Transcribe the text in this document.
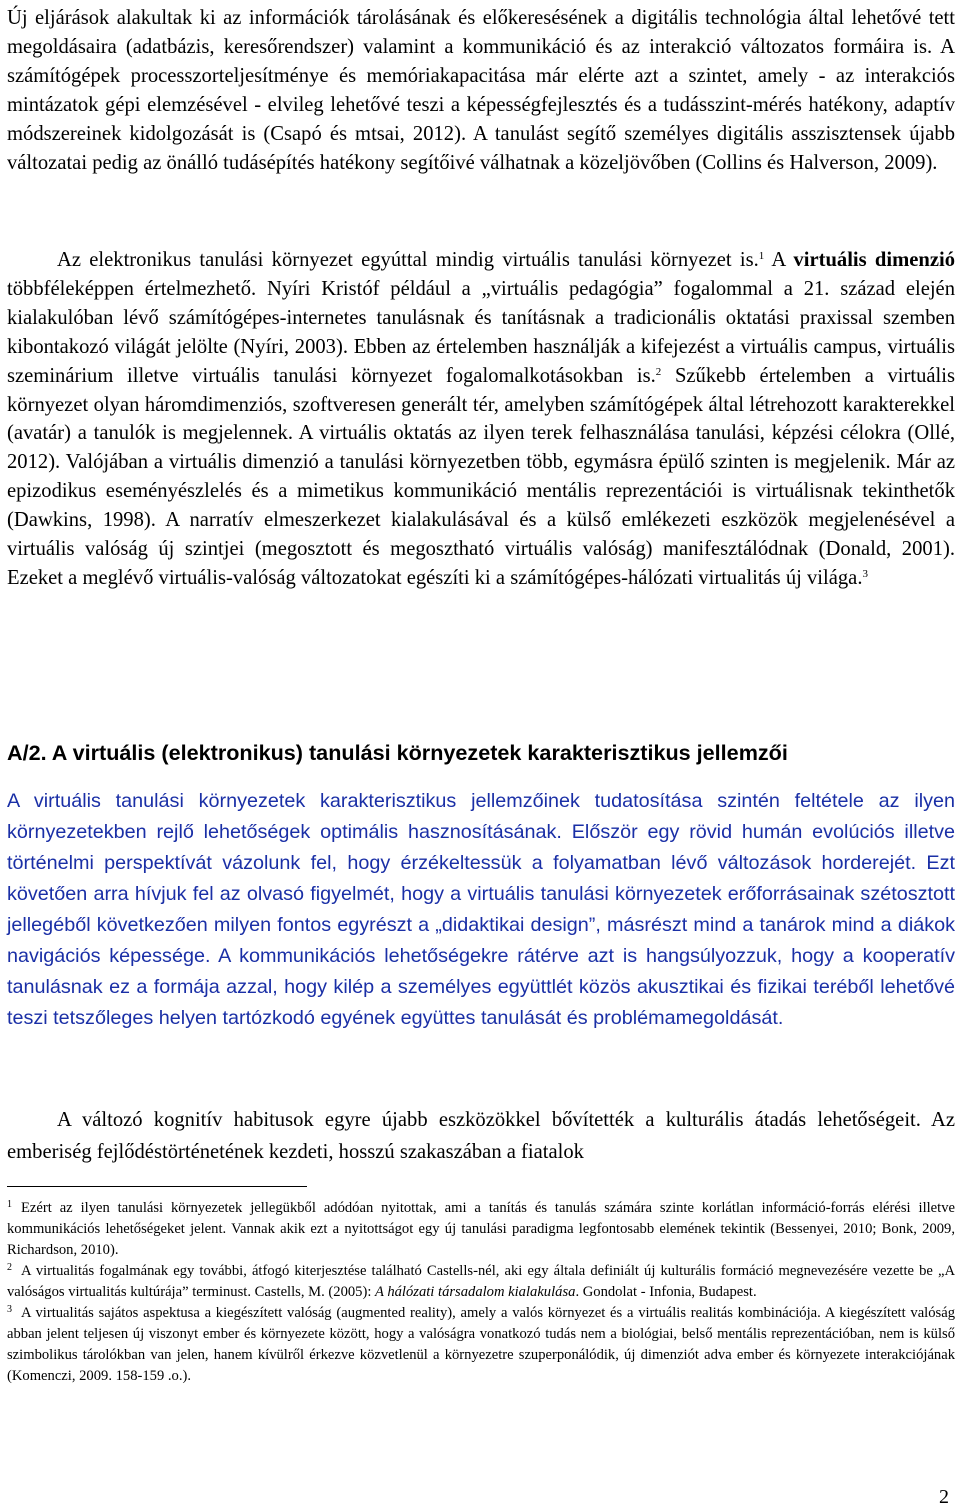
Új eljárások alakultak ki az információk tárolásának és előkeresésének a digitális technológia által lehetővé tett megoldásaira (adatbázis, keresőrendszer) valamint a kommunikáció és az interakció változatos formáira is. A számítógépek processzorteljesítménye és memóriakapacitása már elérte azt a szintet, amely - az interakciós mintázatok gépi elemzésével - elvileg lehetővé teszi a képességfejlesztés és a tudásszint-mérés hatékony, adaptív módszereinek kidolgozását is (Csapó és mtsai, 2012). A tanulást segítő személyes digitális asszisztensek újabb változatai pedig az önálló tudásépítés hatékony segítőivé válhatnak a közeljövőben (Collins és Halverson, 2009).

Az elektronikus tanulási környezet egyúttal mindig virtuális tanulási környezet is.$^1$ A virtuális dimenzió többféleképpen értelmezhető. Nyíri Kristóf például a „virtuális pedagógia” fogalommal a 21. század elején kialakulóban lévő számítógépes-internetes tanulásnak és tanításnak a tradicionális oktatási praxissal szemben kibontakozó világát jelölte (Nyíri, 2003). Ebben az értelemben használják a kifejezést a virtuális campus, virtuális szeminárium illetve virtuális tanulási környezet fogalomalkotásokban is.$^2$ Szűkebb értelemben a virtuális környezet olyan háromdimenziós, szoftveresen generált tér, amelyben számítógépek által létrehozott karakterekkel (avatár) a tanulók is megjelennek. A virtuális oktatás az ilyen terek felhasználása tanulási, képzési célokra (Ollé, 2012). Valójában a virtuális dimenzió a tanulási környezetben több, egymásra épülő szinten is megjelenik. Már az epizodikus eseményészlelés és a mimetikus kommunikáció mentális reprezentációi is virtuálisnak tekinthetők (Dawkins, 1998). A narratív elmeszerkezet kialakulásával és a külső emlékezeti eszközök megjelenésével a virtuális valóság új szintjei (megosztott és megosztható virtuális valóság) manifesztálódnak (Donald, 2001). Ezeket a meglévő virtuális-valóság változatokat egészíti ki a számítógépes-hálózati virtualitás új világa.$^3$

A/2. A virtuális (elektronikus) tanulási környezetek karakterisztikus jellemzői

A virtuális tanulási környezetek karakterisztikus jellemzőinek tudatosítása szintén feltétele az ilyen környezetekben rejlő lehetőségek optimális hasznosításának. Először egy rövid humán evolúciós illetve történelmi perspektívát vázolunk fel, hogy érzékeltessük a folyamatban lévő változások horderejét. Ezt követően arra hívjuk fel az olvasó figyelmét, hogy a virtuális tanulási környezetek erőforrásainak szétosztott jellegéből következően milyen fontos egyrészt a „didaktikai design”, másrészt mind a tanárok mind a diákok navigációs képessége. A kommunikációs lehetőségekre rátérve azt is hangsúlyozzuk, hogy a kooperatív tanulásnak ez a formája azzal, hogy kilép a személyes együttlét közös akusztikai és fizikai teréből lehetővé teszi tetszőleges helyen tartózkodó egyének együttes tanulását és problémamegoldását.

A változó kognitív habitusok egyre újabb eszközökkel bővítették a kulturális átadás lehetőségeit. Az emberiség fejlődéstörténetének kezdeti, hosszú szakaszában a fiatalok

1 Ezért az ilyen tanulási környezetek jellegükből adódóan nyitottak, ami a tanítás és tanulás számára szinte korlátlan információ-forrás elérési illetve kommunikációs lehetőségeket jelent. Vannak akik ezt a nyitottságot egy új tanulási paradigma legfontosabb elemének tekintik (Bessenyei, 2010; Bonk, 2009, Richardson, 2010).

2 A virtualitás fogalmának egy további, átfogó kiterjesztése található Castells-nél, aki egy általa definiált új kulturális formáció megnevezésére vezette be „A valóságos virtualitás kultúrája” terminust. Castells, M. (2005): A hálózati társadalom kialakulása. Gondolat - Infonia, Budapest.

3 A virtualitás sajátos aspektusa a kiegészített valóság (augmented reality), amely a valós környezet és a virtuális realitás kombinációja. A kiegészített valóság abban jelent teljesen új viszonyt ember és környezete között, hogy a valóságra vonatkozó tudás nem a biológiai, belső mentális reprezentációban, nem is külső szimbolikus tárolókban van jelen, hanem kívülről érkezve közvetlenül a környezetre szuperponálódik, új dimenziót adva ember és környezete interakciójának (Komenczi, 2009. 158-159 .o.).

2
